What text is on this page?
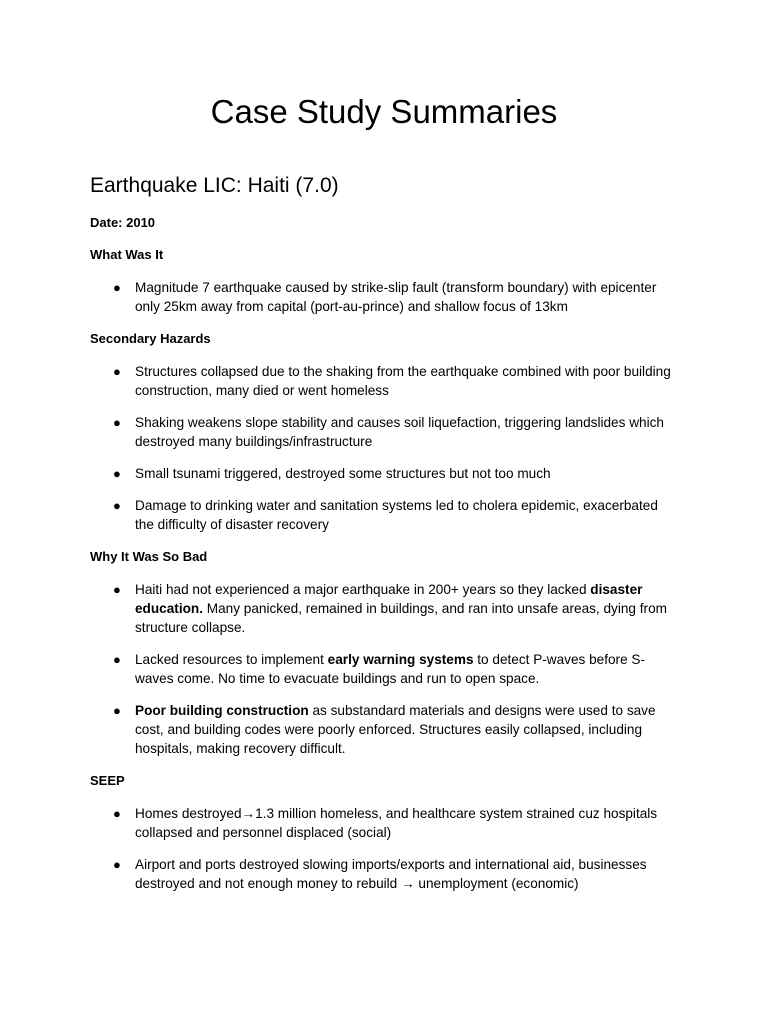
Case Study Summaries
Earthquake LIC: Haiti (7.0)

Date: 2010

What Was It

● Magnitude 7 earthquake caused by strike-slip fault (transform boundary) with epicenter only 25km away from capital (port-au-prince) and shallow focus of 13km

Secondary Hazards

● Structures collapsed due to the shaking from the earthquake combined with poor building construction, many died or went homeless
● Shaking weakens slope stability and causes soil liquefaction, triggering landslides which destroyed many buildings/infrastructure
● Small tsunami triggered, destroyed some structures but not too much
● Damage to drinking water and sanitation systems led to cholera epidemic, exacerbated the difficulty of disaster recovery

Why It Was So Bad

● Haiti had not experienced a major earthquake in 200+ years so they lacked disaster education. Many panicked, remained in buildings, and ran into unsafe areas, dying from structure collapse.
● Lacked resources to implement early warning systems to detect P-waves before S-waves come. No time to evacuate buildings and run to open space.
● Poor building construction as substandard materials and designs were used to save cost, and building codes were poorly enforced. Structures easily collapsed, including hospitals, making recovery difficult.

SEEP

● Homes destroyed→1.3 million homeless, and healthcare system strained cuz hospitals collapsed and personnel displaced (social)
● Airport and ports destroyed slowing imports/exports and international aid, businesses destroyed and not enough money to rebuild → unemployment (economic)
